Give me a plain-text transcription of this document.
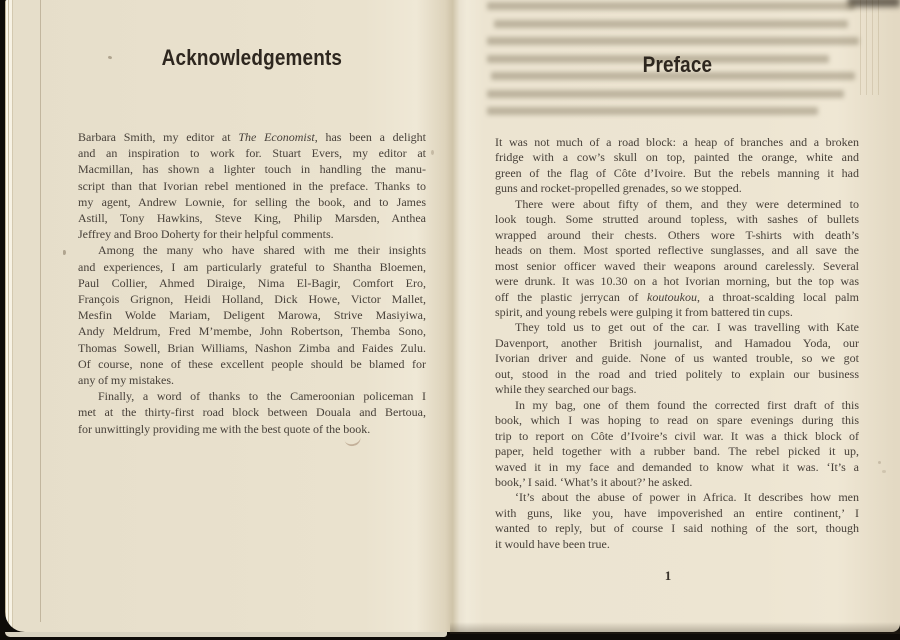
Acknowledgements
Barbara Smith, my editor at The Economist, has been a delight
and an inspiration to work for. Stuart Evers, my editor at
Macmillan, has shown a lighter touch in handling the manu-
script than that Ivorian rebel mentioned in the preface. Thanks to
my agent, Andrew Lownie, for selling the book, and to James
Astill, Tony Hawkins, Steve King, Philip Marsden, Anthea
Jeffrey and Broo Doherty for their helpful comments.
Among the many who have shared with me their insights
and experiences, I am particularly grateful to Shantha Bloemen,
Paul Collier, Ahmed Diraige, Nima El-Bagir, Comfort Ero,
François Grignon, Heidi Holland, Dick Howe, Victor Mallet,
Mesfin Wolde Mariam, Deligent Marowa, Strive Masiyiwa,
Andy Meldrum, Fred M’membe, John Robertson, Themba Sono,
Thomas Sowell, Brian Williams, Nashon Zimba and Faides Zulu.
Of course, none of these excellent people should be blamed for
any of my mistakes.
Finally, a word of thanks to the Cameroonian policeman I
met at the thirty-first road block between Douala and Bertoua,
for unwittingly providing me with the best quote of the book.
Preface
It was not much of a road block: a heap of branches and a broken
fridge with a cow’s skull on top, painted the orange, white and
green of the flag of Côte d’Ivoire. But the rebels manning it had
guns and rocket-propelled grenades, so we stopped.
There were about fifty of them, and they were determined to
look tough. Some strutted around topless, with sashes of bullets
wrapped around their chests. Others wore T-shirts with death’s
heads on them. Most sported reflective sunglasses, and all save the
most senior officer waved their weapons around carelessly. Several
were drunk. It was 10.30 on a hot Ivorian morning, but the top was
off the plastic jerrycan of koutoukou, a throat-scalding local palm
spirit, and young rebels were gulping it from battered tin cups.
They told us to get out of the car. I was travelling with Kate
Davenport, another British journalist, and Hamadou Yoda, our
Ivorian driver and guide. None of us wanted trouble, so we got
out, stood in the road and tried politely to explain our business
while they searched our bags.
In my bag, one of them found the corrected first draft of this
book, which I was hoping to read on spare evenings during this
trip to report on Côte d’Ivoire’s civil war. It was a thick block of
paper, held together with a rubber band. The rebel picked it up,
waved it in my face and demanded to know what it was. ‘It’s a
book,’ I said. ‘What’s it about?’ he asked.
‘It’s about the abuse of power in Africa. It describes how men
with guns, like you, have impoverished an entire continent,’ I
wanted to reply, but of course I said nothing of the sort, though
it would have been true.
1
